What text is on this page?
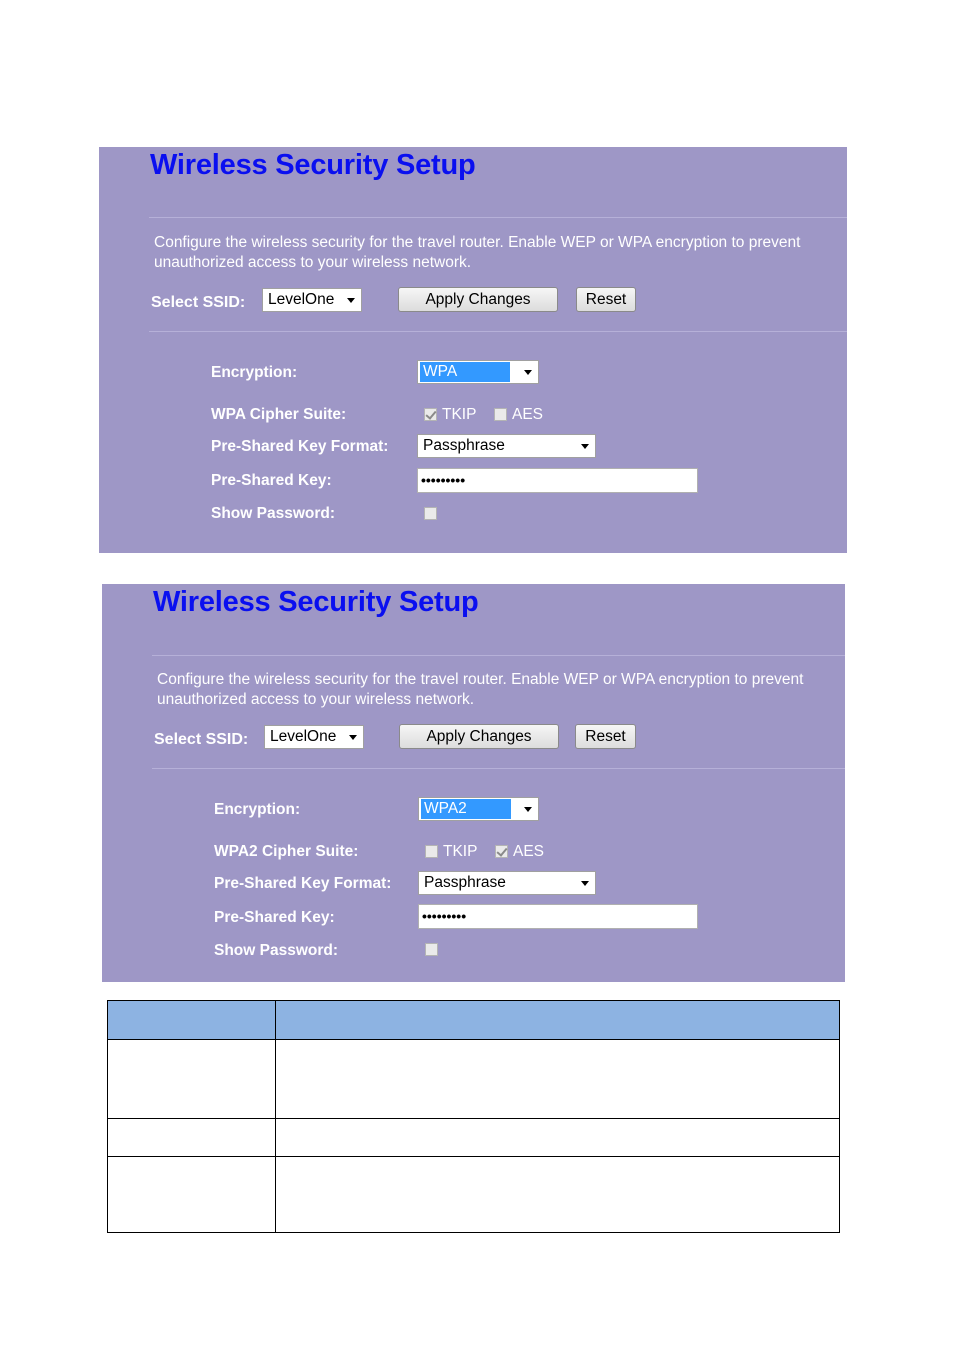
Wireless Security Setup
Configure the wireless security for the travel router. Enable WEP or WPA encryption to prevent
unauthorized access to your wireless network.
Select SSID:	LevelOne	Apply Changes	Reset
Encryption:	WPA
WPA Cipher Suite:	TKIP AES
Pre-Shared Key Format:	Passphrase
Pre-Shared Key:	•••••••••
Show Password:
Wireless Security Setup
Configure the wireless security for the travel router. Enable WEP or WPA encryption to prevent
unauthorized access to your wireless network.
Select SSID:	LevelOne	Apply Changes	Reset
Encryption:	WPA2
WPA2 Cipher Suite:	TKIP AES
Pre-Shared Key Format:	Passphrase
Pre-Shared Key:	•••••••••
Show Password:
